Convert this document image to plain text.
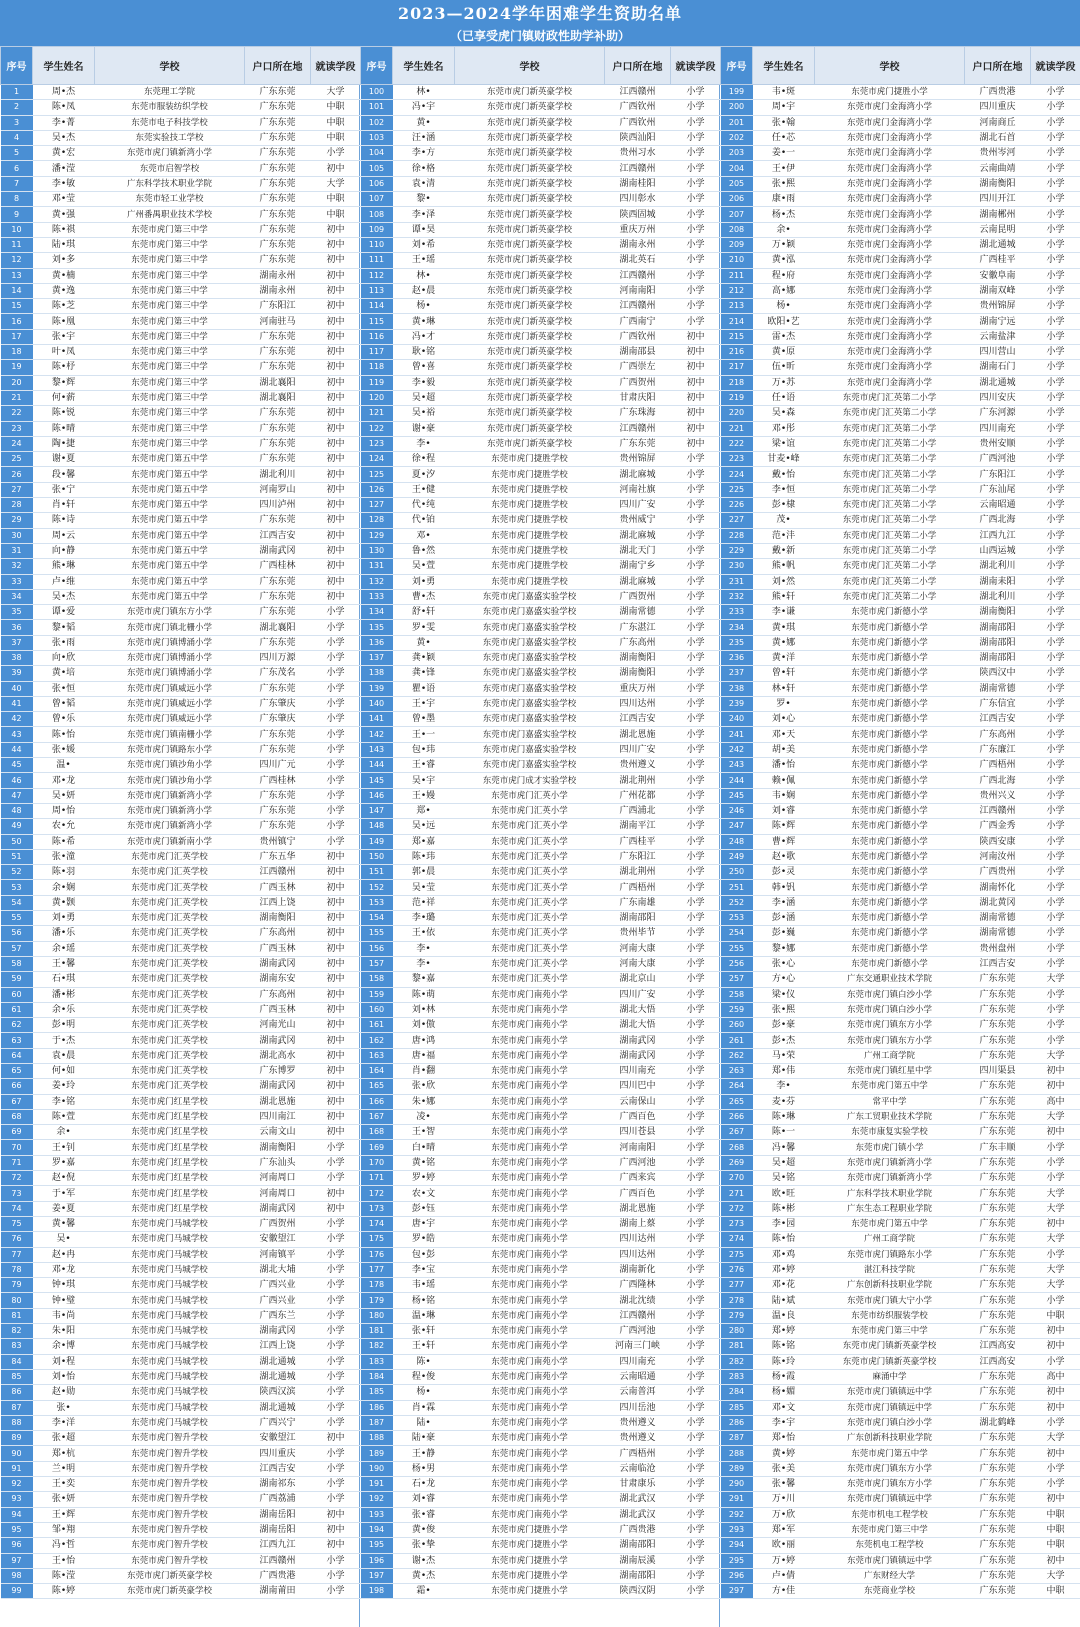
2023—2024学年困难学生资助名单
（已享受虎门镇财政性助学补助）
序号	学生姓名	学校	户口所在地	就读学段
1	周•杰	东莞理工学院	广东东莞	大学
2	陈•凤	东莞市服装纺织学校	广东东莞	中职
3	李•菁	东莞市电子科技学校	广东东莞	中职
4	吴•杰	东莞实验技工学校	广东东莞	中职
5	黄•宏	东莞市虎门镇新湾小学	广东东莞	小学
6	潘•滢	东莞市启智学校	广东东莞	初中
7	李•敏	广东科学技术职业学院	广东东莞	大学
8	邓•莹	东莞市轻工业学校	广东东莞	中职
9	黄•强	广州番禺职业技术学校	广东东莞	中职
10	陈•祺	东莞市虎门第三中学	广东东莞	初中
11	陆•琪	东莞市虎门第三中学	广东东莞	初中
12	刘•多	东莞市虎门第三中学	广东东莞	初中
13	黄•楠	东莞市虎门第三中学	湖南永州	初中
14	黄•逸	东莞市虎门第三中学	湖南永州	初中
15	陈•芝	东莞市虎门第三中学	广东阳江	初中
16	陈•凰	东莞市虎门第三中学	河南驻马	初中
17	张•宇	东莞市虎门第三中学	广东东莞	初中
18	叶•凤	东莞市虎门第三中学	广东东莞	初中
19	陈•杼	东莞市虎门第三中学	广东东莞	初中
20	黎•辉	东莞市虎门第三中学	湖北襄阳	初中
21	何•薪	东莞市虎门第三中学	湖北襄阳	初中
22	陈•锐	东莞市虎门第三中学	广东东莞	初中
23	陈•晴	东莞市虎门第三中学	广东东莞	初中
24	陶•捷	东莞市虎门第三中学	广东东莞	初中
25	谢•夏	东莞市虎门第五中学	广东东莞	初中
26	段•馨	东莞市虎门第五中学	湖北利川	初中
27	张•宁	东莞市虎门第五中学	河南罗山	初中
28	肖•轩	东莞市虎门第五中学	四川泸州	初中
29	陈•诗	东莞市虎门第五中学	广东东莞	初中
30	周•云	东莞市虎门第五中学	江西吉安	初中
31	向•静	东莞市虎门第五中学	湖南武冈	初中
32	熊•琳	东莞市虎门第五中学	广西桂林	初中
33	卢•维	东莞市虎门第五中学	广东东莞	初中
34	吴•杰	东莞市虎门第五中学	广东东莞	初中
35	谭•爱	东莞市虎门镇东方小学	广东东莞	小学
36	黎•韬	东莞市虎门镇北栅小学	湖北襄阳	小学
37	张•雨	东莞市虎门镇博涌小学	广东东莞	小学
38	向•欣	东莞市虎门镇博涌小学	四川万源	小学
39	黄•培	东莞市虎门镇博涌小学	广东茂名	小学
40	张•恒	东莞市虎门镇威远小学	广东东莞	小学
41	曾•韬	东莞市虎门镇威远小学	广东肇庆	小学
42	曾•乐	东莞市虎门镇威远小学	广东肇庆	小学
43	陈•怡	东莞市虎门镇南栅小学	广东东莞	小学
44	张•媛	东莞市虎门镇路东小学	广东东莞	小学
45	温•	东莞市虎门镇沙角小学	四川广元	小学
46	邓•龙	东莞市虎门镇沙角小学	广西桂林	小学
47	吴•妍	东莞市虎门镇新湾小学	广东东莞	小学
48	周•怡	东莞市虎门镇新湾小学	广东东莞	小学
49	农•允	东莞市虎门镇新湾小学	广东东莞	小学
50	陈•希	东莞市虎门镇新南小学	贵州镇宁	小学
51	张•潼	东莞市虎门汇英学校	广东五华	初中
52	陈•羽	东莞市虎门汇英学校	江西赣州	初中
53	余•娴	东莞市虎门汇英学校	广西玉林	初中
54	黄•颢	东莞市虎门汇英学校	江西上饶	初中
55	刘•勇	东莞市虎门汇英学校	湖南衡阳	初中
56	潘•乐	东莞市虎门汇英学校	广东高州	初中
57	余•瑶	东莞市虎门汇英学校	广西玉林	初中
58	王•馨	东莞市虎门汇英学校	湖南武冈	初中
59	石•琪	东莞市虎门汇英学校	湖南东安	初中
60	潘•彬	东莞市虎门汇英学校	广东高州	初中
61	余•乐	东莞市虎门汇英学校	广西玉林	初中
62	彭•明	东莞市虎门汇英学校	河南光山	初中
63	于•杰	东莞市虎门汇英学校	湖南武冈	初中
64	袁•晨	东莞市虎门汇英学校	湖北高水	初中
65	何•如	东莞市虎门汇英学校	广东博罗	初中
66	姜•玲	东莞市虎门汇英学校	湖南武冈	初中
67	李•铭	东莞市虎门红星学校	湖北恩施	初中
68	陈•萱	东莞市虎门红星学校	四川南江	初中
69	余•	东莞市虎门红星学校	云南文山	初中
70	王•钊	东莞市虎门红星学校	湖南衡阳	小学
71	罗•嘉	东莞市虎门红星学校	广东汕头	小学
72	赵•倪	东莞市虎门红星学校	河南周口	小学
73	于•军	东莞市虎门红星学校	河南周口	初中
74	姜•夏	东莞市虎门红星学校	湖南武冈	初中
75	黄•馨	东莞市虎门马城学校	广西贺州	小学
76	吴•	东莞市虎门马城学校	安徽望江	小学
77	赵•冉	东莞市虎门马城学校	河南镇平	小学
78	邓•龙	东莞市虎门马城学校	湖北大埔	小学
79	钟•琪	东莞市虎门马城学校	广西兴业	小学
80	钟•璧	东莞市虎门马城学校	广西兴业	小学
81	韦•尚	东莞市虎门马城学校	广西东兰	小学
82	朱•阳	东莞市虎门马城学校	湖南武冈	小学
83	余•博	东莞市虎门马城学校	江西上饶	小学
84	刘•程	东莞市虎门马城学校	湖北通城	小学
85	刘•怡	东莞市虎门马城学校	湖北通城	小学
86	赵•勋	东莞市虎门马城学校	陕西汉滨	小学
87	张•	东莞市虎门马城学校	湖北通城	小学
88	李•洋	东莞市虎门马城学校	广西兴宁	小学
89	张•超	东莞市虎门智升学校	安徽望江	初中
90	郑•杭	东莞市虎门智升学校	四川重庆	小学
91	兰•明	东莞市虎门智升学校	江西吉安	小学
92	王•奕	东莞市虎门智升学校	湖南祁东	小学
93	张•妍	东莞市虎门智升学校	广西荔浦	小学
94	王•辉	东莞市虎门智升学校	湖南岳阳	初中
95	邹•翔	东莞市虎门智升学校	湖南岳阳	初中
96	冯•哲	东莞市虎门智升学校	江西九江	初中
97	王•怡	东莞市虎门智升学校	江西赣州	小学
98	陈•滢	东莞市虎门新英豪学校	广西贵港	小学
99	陈•婷	东莞市虎门新英豪学校	湖南莆田	小学
序号	学生姓名	学校	户口所在地	就读学段
100	林•	东莞市虎门新英豪学校	江西赣州	小学
101	冯•宇	东莞市虎门新英豪学校	广西钦州	小学
102	黄•	东莞市虎门新英豪学校	广西钦州	小学
103	汪•涵	东莞市虎门新英豪学校	陕西汕阳	小学
104	李•方	东莞市虎门新英豪学校	贵州习水	小学
105	徐•格	东莞市虎门新英豪学校	江西赣州	小学
106	袁•清	东莞市虎门新英豪学校	湖南桂阳	小学
107	黎•	东莞市虎门新英豪学校	四川彰水	小学
108	李•泽	东莞市虎门新英豪学校	陕西固城	小学
109	谭•昊	东莞市虎门新英豪学校	重庆万州	小学
110	刘•希	东莞市虎门新英豪学校	湖南永州	小学
111	王•瑶	东莞市虎门新英豪学校	湖北英石	小学
112	林•	东莞市虎门新英豪学校	江西赣州	小学
113	赵•晨	东莞市虎门新英豪学校	河南南阳	小学
114	杨•	东莞市虎门新英豪学校	江西赣州	小学
115	黄•琳	东莞市虎门新英豪学校	广西南宁	小学
116	冯•才	东莞市虎门新英豪学校	广西钦州	初中
117	耿•铭	东莞市虎门新英豪学校	湖南邵县	初中
118	曾•喜	东莞市虎门新英豪学校	广西崇左	初中
119	李•毅	东莞市虎门新英豪学校	广西贺州	初中
120	吴•超	东莞市虎门新英豪学校	甘肃庆阳	初中
121	吴•裕	东莞市虎门新英豪学校	广东珠海	初中
122	谢•豪	东莞市虎门新英豪学校	江西赣州	初中
123	李•	东莞市虎门新英豪学校	广东东莞	初中
124	徐•程	东莞市虎门捷胜学校	贵州锦屏	小学
125	夏•汐	东莞市虎门捷胜学校	湖北麻城	小学
126	王•健	东莞市虎门捷胜学校	河南社旗	小学
127	代•纯	东莞市虎门捷胜学校	四川广安	小学
128	代•铂	东莞市虎门捷胜学校	贵州威宁	小学
129	邓•	东莞市虎门捷胜学校	湖北麻城	小学
130	鲁•然	东莞市虎门捷胜学校	湖北天门	小学
131	吴•萱	东莞市虎门捷胜学校	湖南宁乡	小学
132	刘•勇	东莞市虎门捷胜学校	湖北麻城	小学
133	曹•杰	东莞市虎门嘉盛实验学校	广西贺州	小学
134	舒•轩	东莞市虎门嘉盛实验学校	湖南常德	小学
135	罗•雯	东莞市虎门嘉盛实验学校	广东湛江	小学
136	黄•	东莞市虎门嘉盛实验学校	广东高州	小学
137	龚•颖	东莞市虎门嘉盛实验学校	湖南衡阳	小学
138	龚•锋	东莞市虎门嘉盛实验学校	湖南衡阳	小学
139	瞿•语	东莞市虎门嘉盛实验学校	重庆万州	小学
140	王•宇	东莞市虎门嘉盛实验学校	四川达州	小学
141	曾•墨	东莞市虎门嘉盛实验学校	江西吉安	小学
142	王•一	东莞市虎门嘉盛实验学校	湖北恩施	小学
143	包•玮	东莞市虎门嘉盛实验学校	四川广安	小学
144	王•睿	东莞市虎门嘉盛实验学校	贵州遵义	小学
145	吴•宇	东莞市虎门成才实验学校	湖北荆州	小学
146	王•嫚	东莞市虎门汇英小学	广州花都	小学
147	郑•	东莞市虎门汇英小学	广西浦北	小学
148	吴•远	东莞市虎门汇英小学	湖南平江	小学
149	郑•嘉	东莞市虎门汇英小学	广西桂平	小学
150	陈•玮	东莞市虎门汇英小学	广东阳江	小学
151	郭•晨	东莞市虎门汇英小学	湖北荆州	小学
152	吴•莹	东莞市虎门汇英小学	广西梧州	小学
153	范•祥	东莞市虎门汇英小学	广东南雄	小学
154	李•璐	东莞市虎门汇英小学	湖南邵阳	小学
155	王•依	东莞市虎门汇英小学	贵州毕节	小学
156	李•	东莞市虎门汇英小学	河南大康	小学
157	李•	东莞市虎门汇英小学	河南大康	小学
158	黎•嘉	东莞市虎门汇英小学	湖北京山	小学
159	陈•萌	东莞市虎门南苑小学	四川广安	小学
160	刘•林	东莞市虎门南苑小学	湖北大悟	小学
161	刘•傲	东莞市虎门南苑小学	湖北大悟	小学
162	唐•鸿	东莞市虎门南苑小学	湖南武冈	小学
163	唐•福	东莞市虎门南苑小学	湖南武冈	小学
164	肖•翻	东莞市虎门南苑小学	四川南充	小学
165	张•欣	东莞市虎门南苑小学	四川巴中	小学
166	朱•娜	东莞市虎门南苑小学	云南保山	小学
167	凌•	东莞市虎门南苑小学	广西百色	小学
168	王•智	东莞市虎门南苑小学	四川苍县	小学
169	白•晴	东莞市虎门南苑小学	河南南阳	小学
170	黄•铭	东莞市虎门南苑小学	广西河池	小学
171	罗•婷	东莞市虎门南苑小学	广西来宾	小学
172	农•文	东莞市虎门南苑小学	广西百色	小学
173	彭•钰	东莞市虎门南苑小学	湖北恩施	小学
174	唐•宇	东莞市虎门南苑小学	湖南上蔡	小学
175	罗•皓	东莞市虎门南苑小学	四川达州	小学
176	包•彭	东莞市虎门南苑小学	四川达州	小学
177	李•宝	东莞市虎门南苑小学	湖南新化	小学
178	韦•瑶	东莞市虎门南苑小学	广西隆林	小学
179	杨•铭	东莞市虎门南苑小学	湖北沈绩	小学
180	温•琳	东莞市虎门南苑小学	江西赣州	小学
181	张•轩	东莞市虎门南苑小学	广西河池	小学
182	王•轩	东莞市虎门南苑小学	河南三门峡	小学
183	陈•	东莞市虎门南苑小学	四川南充	小学
184	程•俊	东莞市虎门南苑小学	云南昭通	小学
185	杨•	东莞市虎门南苑小学	云南普洱	小学
186	肖•霖	东莞市虎门南苑小学	四川岳池	小学
187	陆•	东莞市虎门南苑小学	贵州遵义	小学
188	陆•豪	东莞市虎门南苑小学	贵州遵义	小学
189	王•静	东莞市虎门南苑小学	广西梧州	小学
190	杨•男	东莞市虎门南苑小学	云南临沧	小学
191	石•龙	东莞市虎门南苑小学	甘肃康乐	小学
192	刘•睿	东莞市虎门南苑小学	湖北武汉	小学
193	张•睿	东莞市虎门南苑小学	湖北武汉	小学
194	黄•俊	东莞市虎门捷胜小学	广西贵港	小学
195	张•挚	东莞市虎门捷胜小学	湖南邵阳	小学
196	谢•杰	东莞市虎门捷胜小学	湖南辰溪	小学
197	黄•杰	东莞市虎门捷胜小学	湖南邵阳	小学
198	霜•	东莞市虎门捷胜小学	陕西汉阴	小学
序号	学生姓名	学校	户口所在地	就读学段
199	韦•斑	东莞市虎门捷胜小学	广西贵港	小学
200	周•宇	东莞市虎门金海湾小学	四川重庆	小学
201	张•翰	东莞市虎门金海湾小学	河南商丘	小学
202	任•芯	东莞市虎门金海湾小学	湖北石首	小学
203	姜•一	东莞市虎门金海湾小学	贵州岑河	小学
204	王•伊	东莞市虎门金海湾小学	云南曲靖	小学
205	张•熙	东莞市虎门金海湾小学	湖南衡阳	小学
206	康•雨	东莞市虎门金海湾小学	四川开江	小学
207	杨•杰	东莞市虎门金海湾小学	湖南郴州	小学
208	余•	东莞市虎门金海湾小学	云南昆明	小学
209	万•颖	东莞市虎门金海湾小学	湖北通城	小学
210	黄•泓	东莞市虎门金海湾小学	广西桂平	小学
211	程•府	东莞市虎门金海湾小学	安徽阜南	小学
212	高•娜	东莞市虎门金海湾小学	湖南双峰	小学
213	杨•	东莞市虎门金海湾小学	贵州锦屏	小学
214	欧阳•艺	东莞市虎门金海湾小学	湖南宁远	小学
215	雷•杰	东莞市虎门金海湾小学	云南盐津	小学
216	黄•原	东莞市虎门金海湾小学	四川营山	小学
217	伍•昕	东莞市虎门金海湾小学	湖南石门	小学
218	万•苏	东莞市虎门金海湾小学	湖北通城	小学
219	任•语	东莞市虎门汇英第二小学	四川安庆	小学
220	吴•森	东莞市虎门汇英第二小学	广东河源	小学
221	邓•彤	东莞市虎门汇英第二小学	四川南充	小学
222	梁•谊	东莞市虎门汇英第二小学	贵州安顺	小学
223	甘麦•峰	东莞市虎门汇英第二小学	广西河池	小学
224	戴•怡	东莞市虎门汇英第二小学	广东阳江	小学
225	李•恒	东莞市虎门汇英第二小学	广东汕尾	小学
226	彭•棣	东莞市虎门汇英第二小学	云南昭通	小学
227	茂•	东莞市虎门汇英第二小学	广西北海	小学
228	范•沣	东莞市虎门汇英第二小学	江西九江	小学
229	戴•新	东莞市虎门汇英第二小学	山西运城	小学
230	熊•帆	东莞市虎门汇英第二小学	湖北利川	小学
231	刘•然	东莞市虎门汇英第二小学	湖南耒阳	小学
232	熊•轩	东莞市虎门汇英第二小学	湖北利川	小学
233	李•谦	东莞市虎门新德小学	湖南衡阳	小学
234	黄•琪	东莞市虎门新德小学	湖南邵阳	小学
235	黄•娜	东莞市虎门新德小学	湖南邵阳	小学
236	黄•洋	东莞市虎门新德小学	湖南邵阳	小学
237	曾•轩	东莞市虎门新德小学	陕西汉中	小学
238	林•轩	东莞市虎门新德小学	湖南常德	小学
239	罗•	东莞市虎门新德小学	广东信宜	小学
240	刘•心	东莞市虎门新德小学	江西吉安	小学
241	邓•天	东莞市虎门新德小学	广东高州	小学
242	胡•美	东莞市虎门新德小学	广东廉江	小学
243	潘•怡	东莞市虎门新德小学	广西梧州	小学
244	赖•佩	东莞市虎门新德小学	广西北海	小学
245	韦•娴	东莞市虎门新德小学	贵州兴义	小学
246	刘•睿	东莞市虎门新德小学	江西赣州	小学
247	陈•辉	东莞市虎门新德小学	广西金秀	小学
248	曹•辉	东莞市虎门新德小学	陕西安康	小学
249	赵•歌	东莞市虎门新德小学	河南汝州	小学
250	彭•灵	东莞市虎门新德小学	广西贵州	小学
251	韩•钒	东莞市虎门新德小学	湖南怀化	小学
252	李•涵	东莞市虎门新德小学	湖北黄冈	小学
253	彭•涵	东莞市虎门新德小学	湖南常德	小学
254	彭•巍	东莞市虎门新德小学	湖南常德	小学
255	黎•娜	东莞市虎门新德小学	贵州盘州	小学
256	张•心	东莞市虎门新德小学	江西吉安	小学
257	方•心	广东交通职业技术学院	广东东莞	大学
258	梁•仪	东莞市虎门镇白沙小学	广东东莞	小学
259	张•熙	东莞市虎门镇白沙小学	广东东莞	小学
260	彭•豪	东莞市虎门镇东方小学	广东东莞	小学
261	彭•杰	东莞市虎门镇东方小学	广东东莞	小学
262	马•荣	广州工商学院	广东东莞	大学
263	郑•伟	东莞市虎门镇红星中学	四川渠县	初中
264	李•	东莞市虎门第五中学	广东东莞	初中
265	麦•芬	常平中学	广东东莞	高中
266	陈•琳	广东工贸职业技术学院	广东东莞	大学
267	陈•一	东莞市康复实验学校	广东东莞	初中
268	冯•馨	东莞市虎门镇小学	广东丰顺	小学
269	吴•超	东莞市虎门镇新湾小学	广东东莞	小学
270	吴•铭	东莞市虎门镇新湾小学	广东东莞	小学
271	欧•旺	广东科学技术职业学院	广东东莞	大学
272	陈•彬	广东生态工程职业学院	广东东莞	大学
273	李•园	东莞市虎门第五中学	广东东莞	初中
274	陈•怡	广州工商学院	广东东莞	大学
275	邓•鸡	东莞市虎门镇路东小学	广东东莞	小学
276	邓•婷	湛江科技学院	广东东莞	大学
277	邓•花	广东创新科技职业学院	广东东莞	大学
278	陆•斌	东莞市虎门镇大宁小学	广东东莞	小学
279	温•良	东莞市纺织服装学校	广东东莞	中职
280	郑•婷	东莞市虎门第三中学	广东东莞	初中
281	陈•铭	东莞市虎门镇新英豪学校	江西高安	初中
282	陈•玲	东莞市虎门镇新英豪学校	江西高安	小学
283	杨•霞	麻涌中学	广东东莞	高中
284	杨•媚	东莞市虎门镇镇远中学	广东东莞	初中
285	邓•文	东莞市虎门镇镇远中学	广东东莞	初中
286	李•宇	东莞市虎门镇白沙小学	湖北鹤峰	小学
287	郑•怡	广东创新科技职业学院	广东东莞	大学
288	黄•婷	东莞市虎门第五中学	广东东莞	初中
289	张•美	东莞市虎门镇东方小学	广东东莞	小学
290	张•馨	东莞市虎门镇东方小学	广东东莞	小学
291	万•川	东莞市虎门镇镇远中学	广东东莞	初中
292	万•欣	东莞市机电工程学校	广东东莞	中职
293	郑•军	东莞市虎门第三中学	广东东莞	中职
294	欧•丽	东莞机电工程学校	广东东莞	中职
295	万•婷	东莞市虎门镇镇远中学	广东东莞	初中
296	卢•倩	广东财经大学	广东东莞	大学
297	方•佳	东莞商业学校	广东东莞	中职
